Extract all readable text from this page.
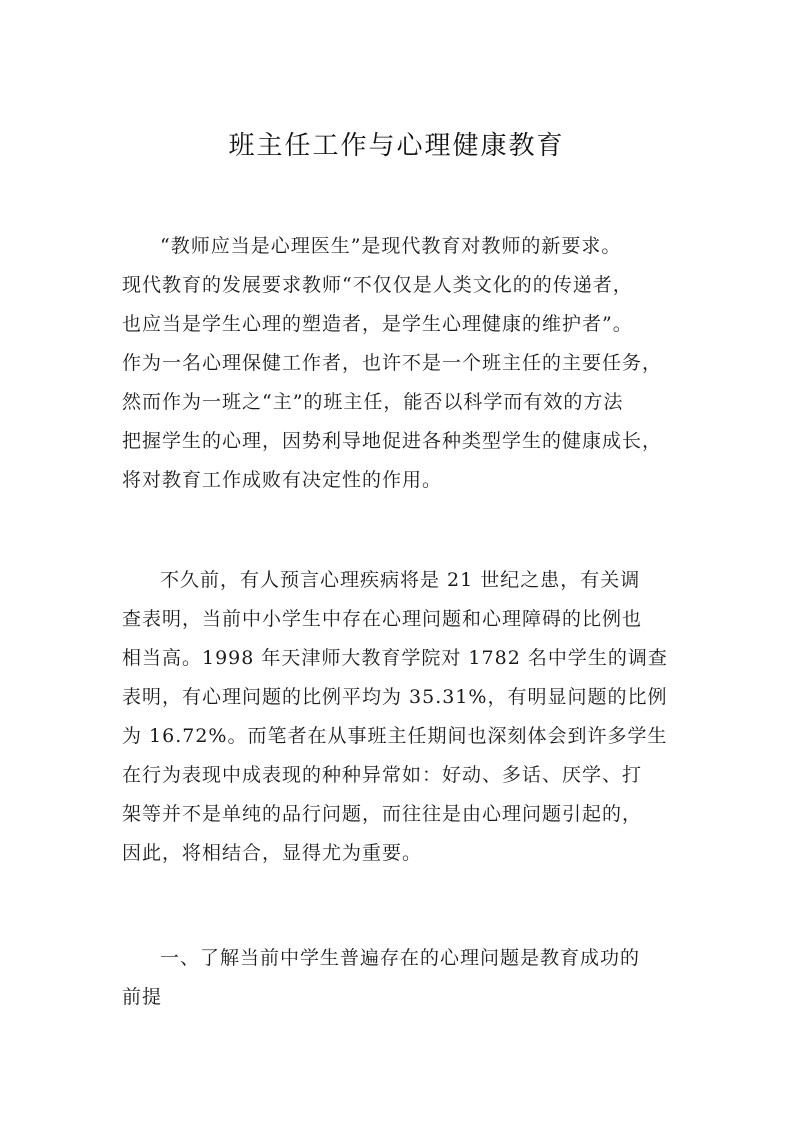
班主任工作与心理健康教育
“教师应当是心理医生”是现代教育对教师的新要求。
现代教育的发展要求教师“不仅仅是人类文化的的传递者，
也应当是学生心理的塑造者，是学生心理健康的维护者”。
作为一名心理保健工作者，也许不是一个班主任的主要任务，
然而作为一班之“主”的班主任，能否以科学而有效的方法
把握学生的心理，因势利导地促进各种类型学生的健康成长，
将对教育工作成败有决定性的作用。
不久前，有人预言心理疾病将是 21 世纪之患，有关调
查表明，当前中小学生中存在心理问题和心理障碍的比例也
相当高。1998 年天津师大教育学院对 1782 名中学生的调查
表明，有心理问题的比例平均为 35.31%，有明显问题的比例
为 16.72%。而笔者在从事班主任期间也深刻体会到许多学生
在行为表现中成表现的种种异常如：好动、多话、厌学、打
架等并不是单纯的品行问题，而往往是由心理问题引起的，
因此，将相结合，显得尤为重要。
一、了解当前中学生普遍存在的心理问题是教育成功的
前提
